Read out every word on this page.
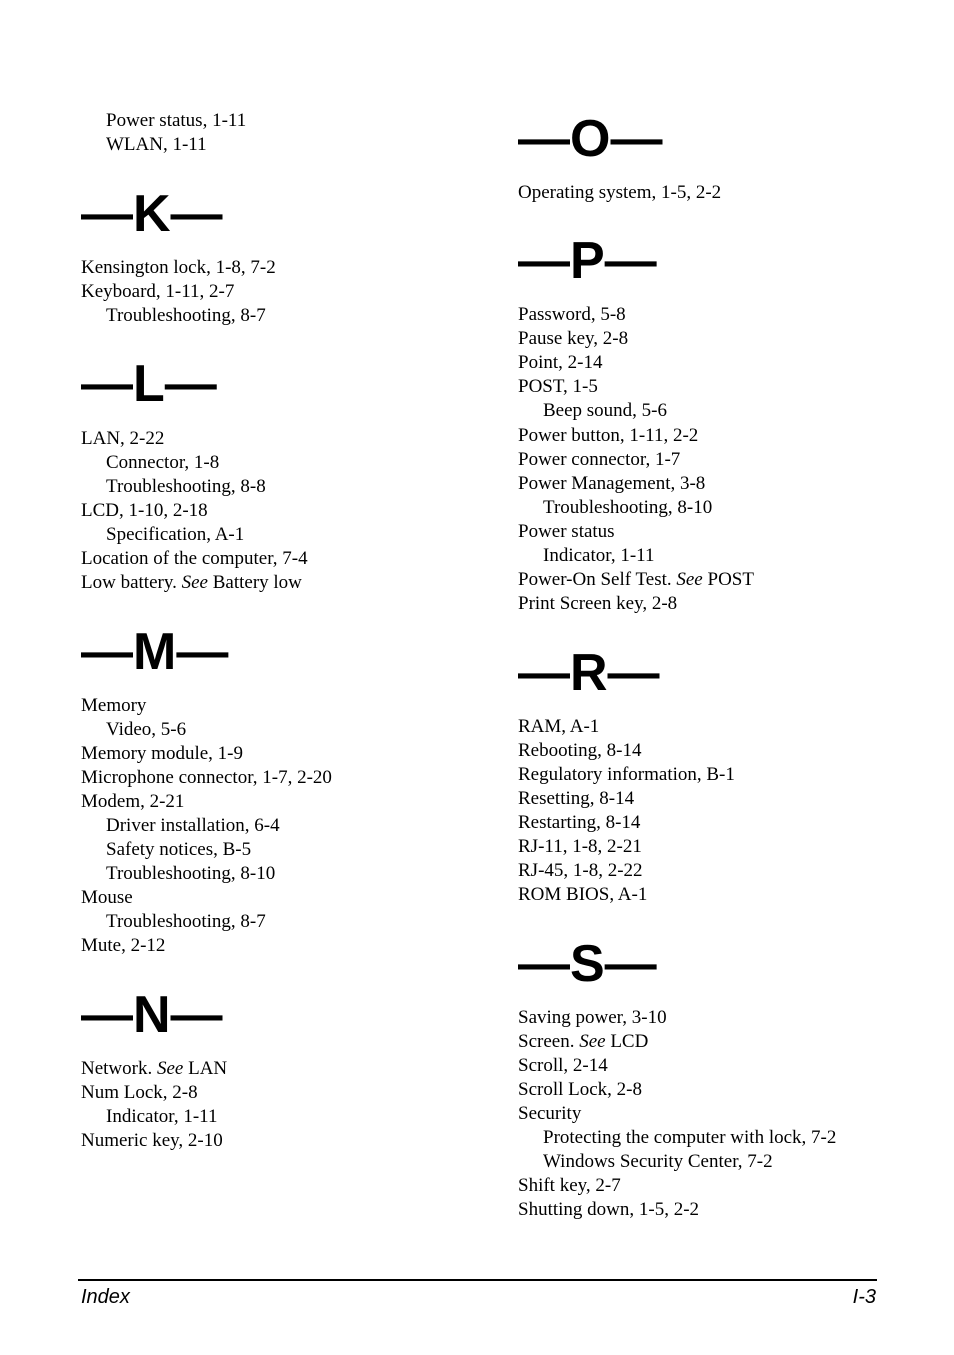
Power status, 1-11
WLAN, 1-11
—K—
Kensington lock, 1-8, 7-2
Keyboard, 1-11, 2-7
Troubleshooting, 8-7
—L—
LAN, 2-22
Connector, 1-8
Troubleshooting, 8-8
LCD, 1-10, 2-18
Specification, A-1
Location of the computer, 7-4
Low battery. See Battery low
—M—
Memory
Video, 5-6
Memory module, 1-9
Microphone connector, 1-7, 2-20
Modem, 2-21
Driver installation, 6-4
Safety notices, B-5
Troubleshooting, 8-10
Mouse
Troubleshooting, 8-7
Mute, 2-12
—N—
Network. See LAN
Num Lock, 2-8
Indicator, 1-11
Numeric key, 2-10
—O—
Operating system, 1-5, 2-2
—P—
Password, 5-8
Pause key, 2-8
Point, 2-14
POST, 1-5
Beep sound, 5-6
Power button, 1-11, 2-2
Power connector, 1-7
Power Management, 3-8
Troubleshooting, 8-10
Power status
Indicator, 1-11
Power-On Self Test. See POST
Print Screen key, 2-8
—R—
RAM, A-1
Rebooting, 8-14
Regulatory information, B-1
Resetting, 8-14
Restarting, 8-14
RJ-11, 1-8, 2-21
RJ-45, 1-8, 2-22
ROM BIOS, A-1
—S—
Saving power, 3-10
Screen. See LCD
Scroll, 2-14
Scroll Lock, 2-8
Security
Protecting the computer with lock, 7-2
Windows Security Center, 7-2
Shift key, 2-7
Shutting down, 1-5, 2-2
Index	I-3
